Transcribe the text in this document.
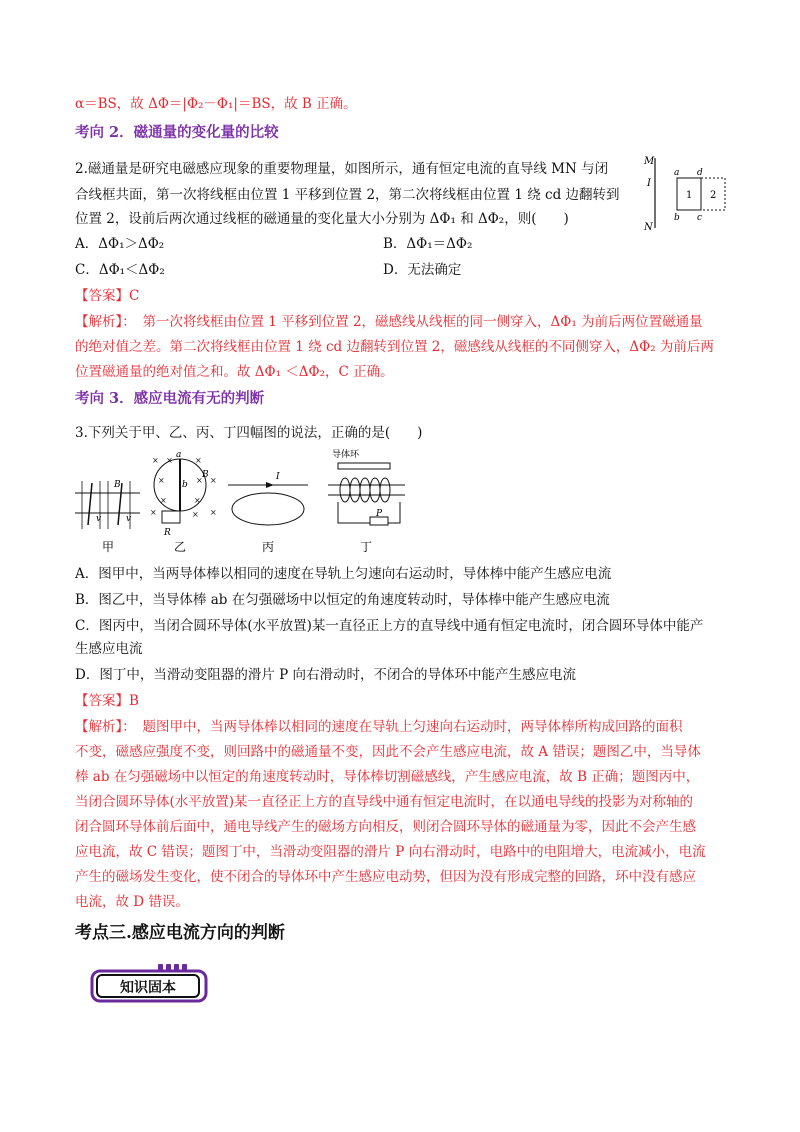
α＝BS，故 ΔΦ＝|Φ₂－Φ₁|＝BS，故 B 正确。
考向 2．磁通量的变化量的比较
2.磁通量是研究电磁感应现象的重要物理量，如图所示，通有恒定电流的直导线 MN 与闭
合线框共面，第一次将线框由位置 1 平移到位置 2，第二次将线框由位置 1 绕 cd 边翻转到
位置 2，设前后两次通过线框的磁通量的变化量大小分别为 ΔΦ₁ 和 ΔΦ₂，则(　　)
A．ΔΦ₁＞ΔΦ₂	B．ΔΦ₁＝ΔΦ₂
C．ΔΦ₁＜ΔΦ₂	D．无法确定
【答案】C
【解析】：　第一次将线框由位置 1 平移到位置 2，磁感线从线框的同一侧穿入，ΔΦ₁ 为前后两位置磁通量
的绝对值之差。第二次将线框由位置 1 绕 cd 边翻转到位置 2，磁感线从线框的不同侧穿入，ΔΦ₂ 为前后两
位置磁通量的绝对值之和。故 ΔΦ₁ ＜ΔΦ₂，C 正确。
考向 3．感应电流有无的判断
3.下列关于甲、乙、丙、丁四幅图的说法，正确的是(　　)
A．图甲中，当两导体棒以相同的速度在导轨上匀速向右运动时，导体棒中能产生感应电流
B．图乙中，当导体棒 ab 在匀强磁场中以恒定的角速度转动时，导体棒中能产生感应电流
C．图丙中，当闭合圆环导体(水平放置)某一直径正上方的直导线中通有恒定电流时，闭合圆环导体中能产
生感应电流
D．图丁中，当滑动变阻器的滑片 P 向右滑动时，不闭合的导体环中能产生感应电流
【答案】B
【解析】：　题图甲中，当两导体棒以相同的速度在导轨上匀速向右运动时，两导体棒所构成回路的面积
不变，磁感应强度不变，则回路中的磁通量不变，因此不会产生感应电流，故 A 错误；题图乙中，当导体
棒 ab 在匀强磁场中以恒定的角速度转动时，导体棒切割磁感线，产生感应电流，故 B 正确；题图丙中，
当闭合圆环导体(水平放置)某一直径正上方的直导线中通有恒定电流时，在以通电导线的投影为对称轴的
闭合圆环导体前后面中，通电导线产生的磁场方向相反，则闭合圆环导体的磁通量为零，因此不会产生感
应电流，故 C 错误；题图丁中，当滑动变阻器的滑片 P 向右滑动时，电路中的电阻增大，电流减小，电流
产生的磁场发生变化，使不闭合的导体环中产生感应电动势，但因为没有形成完整的回路，环中没有感应
电流，故 D 错误。
考点三.感应电流方向的判断
知识固本
M
N
I
a d
b c
1 2
B
v	v
甲
× ×	×
×	× ×
×	×
×
×	×
a
b
B
R
乙
I
丙
导体环
P
丁
